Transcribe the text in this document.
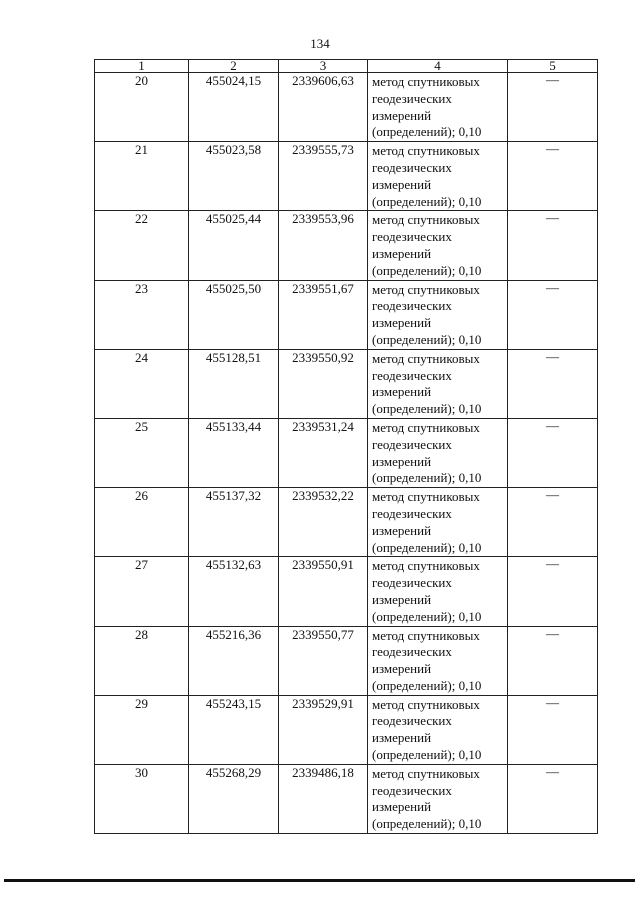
134
1	2	3	4	5
20	455024,15	2339606,63	метод спутниковых
геодезических
измерений
(определений); 0,10	—
21	455023,58	2339555,73	метод спутниковых
геодезических
измерений
(определений); 0,10	—
22	455025,44	2339553,96	метод спутниковых
геодезических
измерений
(определений); 0,10	—
23	455025,50	2339551,67	метод спутниковых
геодезических
измерений
(определений); 0,10	—
24	455128,51	2339550,92	метод спутниковых
геодезических
измерений
(определений); 0,10	—
25	455133,44	2339531,24	метод спутниковых
геодезических
измерений
(определений); 0,10	—
26	455137,32	2339532,22	метод спутниковых
геодезических
измерений
(определений); 0,10	—
27	455132,63	2339550,91	метод спутниковых
геодезических
измерений
(определений); 0,10	—
28	455216,36	2339550,77	метод спутниковых
геодезических
измерений
(определений); 0,10	—
29	455243,15	2339529,91	метод спутниковых
геодезических
измерений
(определений); 0,10	—
30	455268,29	2339486,18	метод спутниковых
геодезических
измерений
(определений); 0,10	—
